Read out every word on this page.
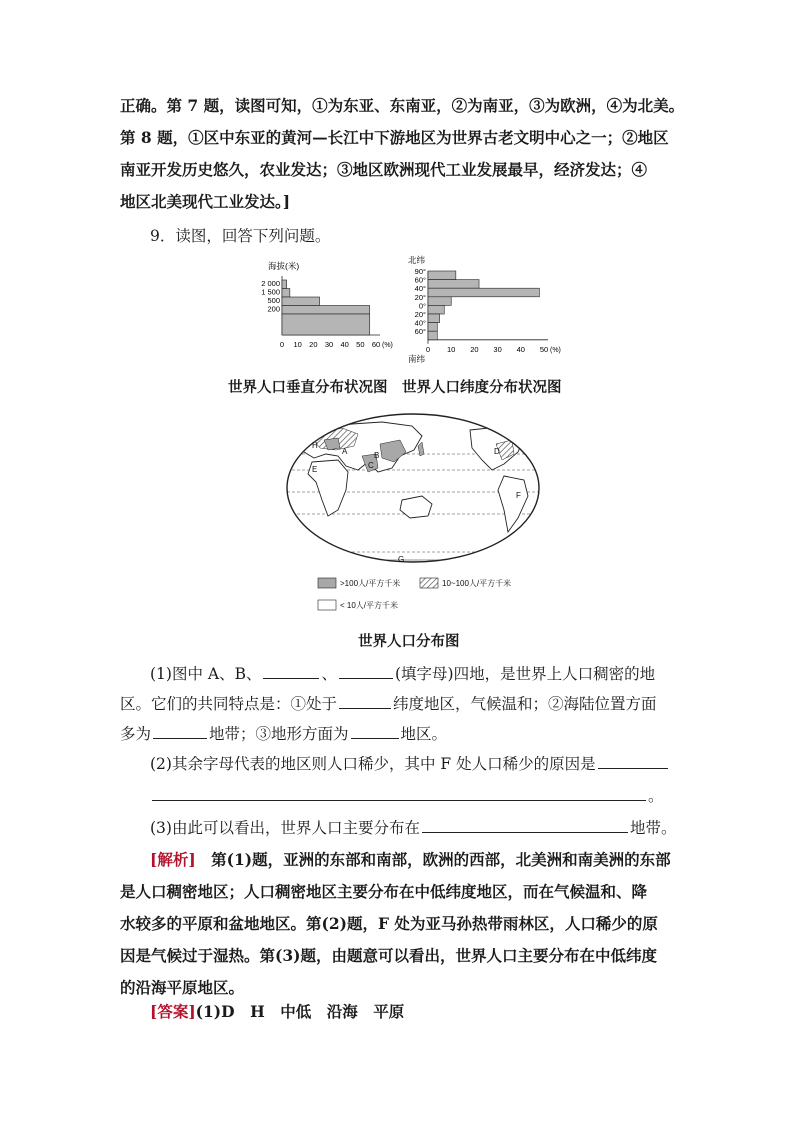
正确。第 7 题，读图可知，①为东亚、东南亚，②为南亚，③为欧洲，④为北美。
第 8 题，①区中东亚的黄河—长江中下游地区为世界古老文明中心之一；②地区
南亚开发历史悠久，农业发达；③地区欧洲现代工业发展最早，经济发达；④
地区北美现代工业发达。]
9．读图，回答下列问题。
海拔(米)
2 000
1 500
500
200
0 10 20 30 40 50 60 (%)
北纬
90°
60°
40°
20°
0°
20°
40°
60°
0 10 20 30 40 50 (%)
南纬
世界人口垂直分布状况图　世界人口纬度分布状况图
H
E
A	B
C
D
F
G
>100人/平方千米	10~100人/平方千米
< 10人/平方千米
世界人口分布图
(1)图中 A、B、	、	(填字母)四地，是世界上人口稠密的地
区。它们的共同特点是：①处于	纬度地区，气候温和；②海陆位置方面
多为	地带；③地形方面为	地区。
(2)其余字母代表的地区则人口稀少，其中 F 处人口稀少的原因是
。
(3)由此可以看出，世界人口主要分布在	地带。
[解析]　第(1)题，亚洲的东部和南部，欧洲的西部，北美洲和南美洲的东部
是人口稠密地区；人口稠密地区主要分布在中低纬度地区，而在气候温和、降
水较多的平原和盆地地区。第(2)题，F 处为亚马孙热带雨林区，人口稀少的原
因是气候过于湿热。第(3)题，由题意可以看出，世界人口主要分布在中低纬度
的沿海平原地区。
[答案](1)D　H　中低　沿海　平原
